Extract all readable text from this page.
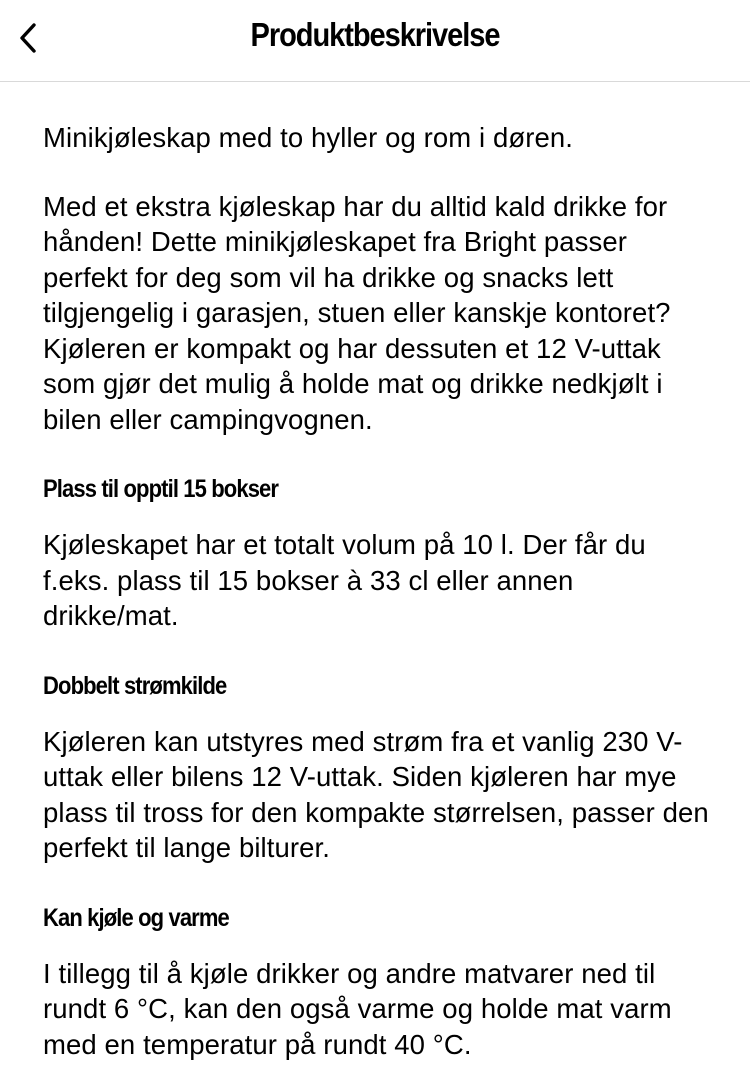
Produktbeskrivelse

Minikjøleskap med to hyller og rom i døren.

Med et ekstra kjøleskap har du alltid kald drikke for hånden! Dette minikjøleskapet fra Bright passer perfekt for deg som vil ha drikke og snacks lett tilgjengelig i garasjen, stuen eller kanskje kontoret? Kjøleren er kompakt og har dessuten et 12 V-uttak som gjør det mulig å holde mat og drikke nedkjølt i bilen eller campingvognen.

Plass til opptil 15 bokser

Kjøleskapet har et totalt volum på 10 l. Der får du f.eks. plass til 15 bokser à 33 cl eller annen drikke/mat.

Dobbelt strømkilde

Kjøleren kan utstyres med strøm fra et vanlig 230 V-uttak eller bilens 12 V-uttak. Siden kjøleren har mye plass til tross for den kompakte størrelsen, passer den perfekt til lange bilturer.

Kan kjøle og varme

I tillegg til å kjøle drikker og andre matvarer ned til rundt 6 °C, kan den også varme og holde mat varm med en temperatur på rundt 40 °C.
